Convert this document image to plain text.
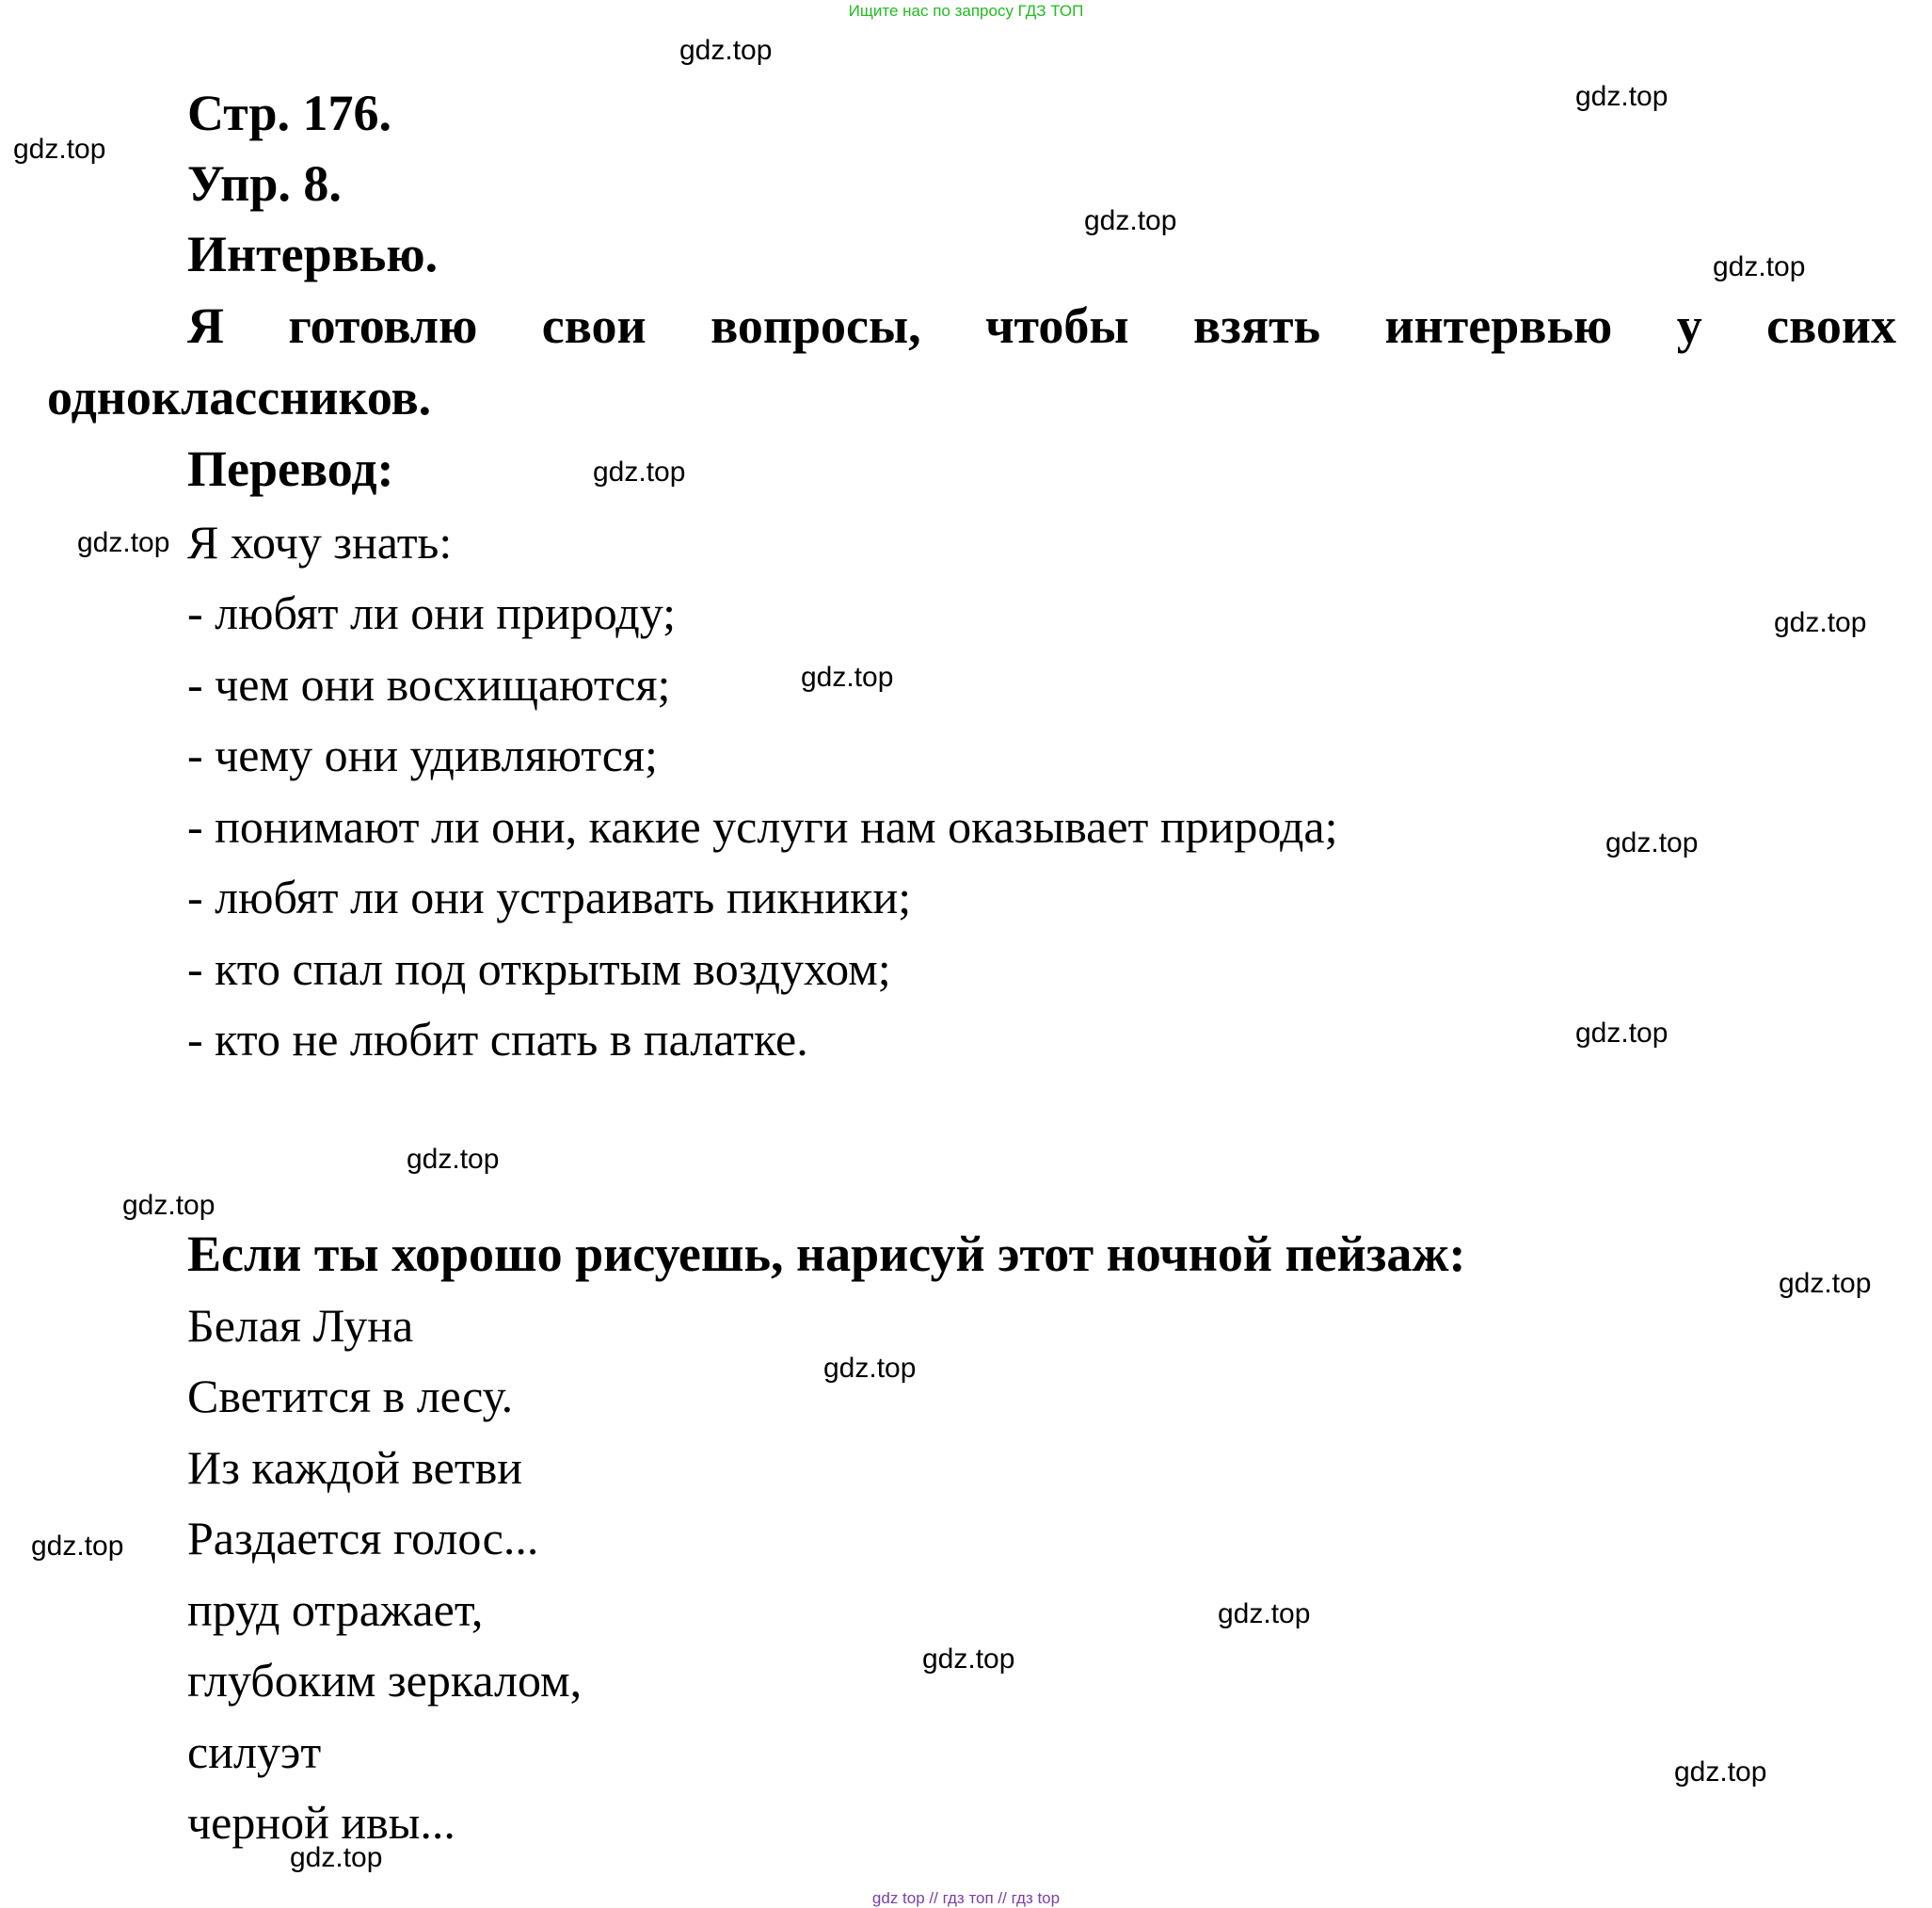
Ищите нас по запросу ГДЗ ТОП
Стр. 176.
Упр. 8.
Интервью.
Я готовлю свои вопросы, чтобы взять интервью у своих
одноклассников.
Перевод:
Я хочу знать:
- любят ли они природу;
- чем они восхищаются;
- чему они удивляются;
- понимают ли они, какие услуги нам оказывает природа;
- любят ли они устраивать пикники;
- кто спал под открытым воздухом;
- кто не любит спать в палатке.
Если ты хорошо рисуешь, нарисуй этот ночной пейзаж:
Белая Луна
Светится в лесу.
Из каждой ветви
Раздается голос...
пруд отражает,
глубоким зеркалом,
силуэт
черной ивы...
gdz.top
gdz.top
gdz.top
gdz.top
gdz.top
gdz.top
gdz.top
gdz.top
gdz.top
gdz.top
gdz.top
gdz.top
gdz.top
gdz.top
gdz.top
gdz.top
gdz.top
gdz.top
gdz.top
gdz.top
gdz top // гдз топ // гдз top
